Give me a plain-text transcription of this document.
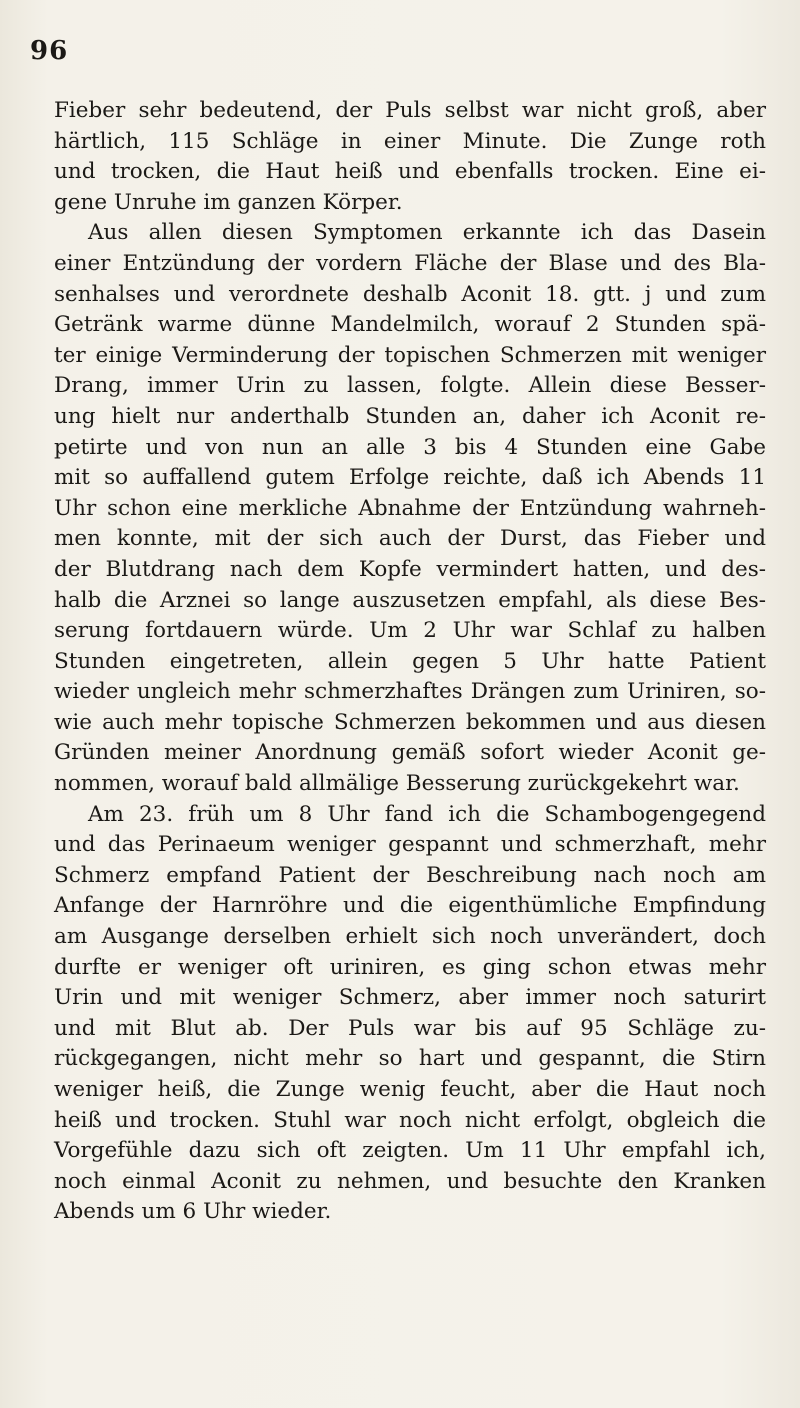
96
Fieber sehr bedeutend, der Puls selbst war nicht groß, aber
härtlich, 115 Schläge in einer Minute. Die Zunge roth
und trocken, die Haut heiß und ebenfalls trocken. Eine ei-
gene Unruhe im ganzen Körper.
Aus allen diesen Symptomen erkannte ich das Dasein
einer Entzündung der vordern Fläche der Blase und des Bla-
senhalses und verordnete deshalb Aconit 18. gtt. j und zum
Getränk warme dünne Mandelmilch, worauf 2 Stunden spä-
ter einige Verminderung der topischen Schmerzen mit weniger
Drang, immer Urin zu lassen, folgte. Allein diese Besser-
ung hielt nur anderthalb Stunden an, daher ich Aconit re-
petirte und von nun an alle 3 bis 4 Stunden eine Gabe
mit so auffallend gutem Erfolge reichte, daß ich Abends 11
Uhr schon eine merkliche Abnahme der Entzündung wahrneh-
men konnte, mit der sich auch der Durst, das Fieber und
der Blutdrang nach dem Kopfe vermindert hatten, und des-
halb die Arznei so lange auszusetzen empfahl, als diese Bes-
serung fortdauern würde. Um 2 Uhr war Schlaf zu halben
Stunden eingetreten, allein gegen 5 Uhr hatte Patient
wieder ungleich mehr schmerzhaftes Drängen zum Uriniren, so-
wie auch mehr topische Schmerzen bekommen und aus diesen
Gründen meiner Anordnung gemäß sofort wieder Aconit ge-
nommen, worauf bald allmälige Besserung zurückgekehrt war.
Am 23. früh um 8 Uhr fand ich die Schambogengegend
und das Perinaeum weniger gespannt und schmerzhaft, mehr
Schmerz empfand Patient der Beschreibung nach noch am
Anfange der Harnröhre und die eigenthümliche Empfindung
am Ausgange derselben erhielt sich noch unverändert, doch
durfte er weniger oft uriniren, es ging schon etwas mehr
Urin und mit weniger Schmerz, aber immer noch saturirt
und mit Blut ab. Der Puls war bis auf 95 Schläge zu-
rückgegangen, nicht mehr so hart und gespannt, die Stirn
weniger heiß, die Zunge wenig feucht, aber die Haut noch
heiß und trocken. Stuhl war noch nicht erfolgt, obgleich die
Vorgefühle dazu sich oft zeigten. Um 11 Uhr empfahl ich,
noch einmal Aconit zu nehmen, und besuchte den Kranken
Abends um 6 Uhr wieder.
